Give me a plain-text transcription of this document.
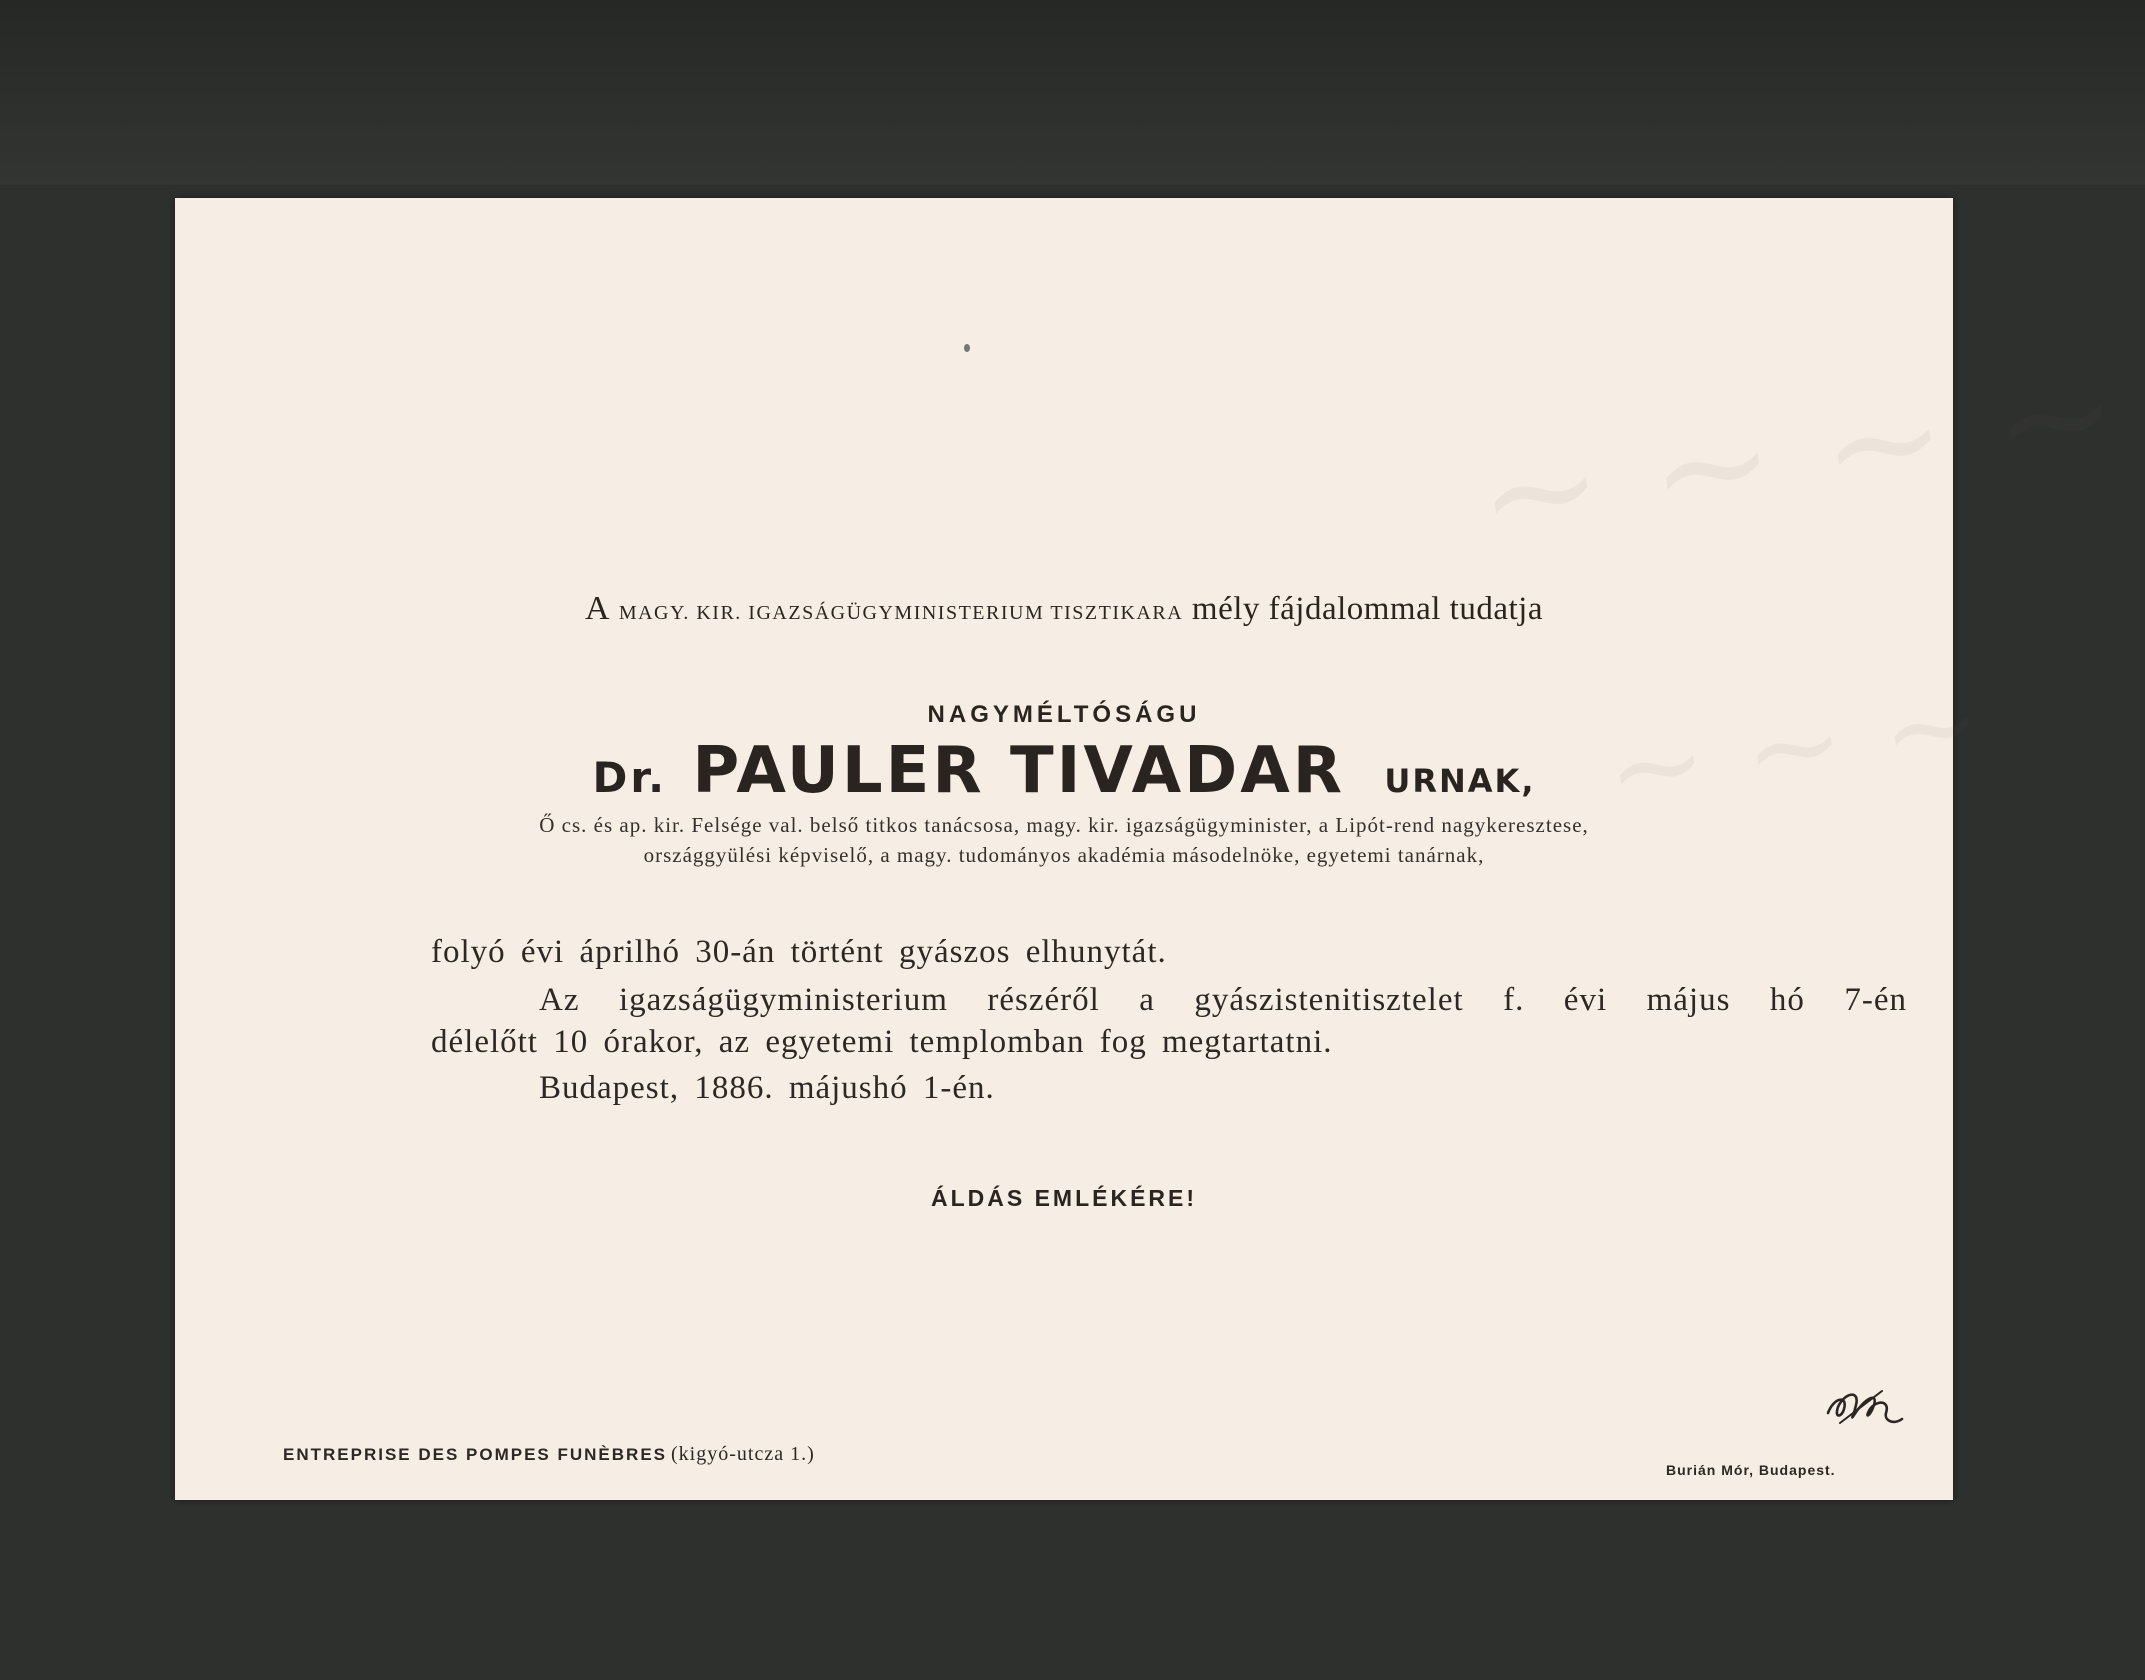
~ ~ ~ ~
~ ~ ~
A MAGY. KIR. IGAZSÁGÜGYMINISTERIUM TISZTIKARA mély fájdalommal tudatja
NAGYMÉLTÓSÁGU
Dr. PAULER TIVADAR URNAK,
Ő cs. és ap. kir. Felsége val. belső titkos tanácsosa, magy. kir. igazságügyminister, a Lipót-rend nagykeresztese,
országgyülési képviselő, a magy. tudományos akadémia másodelnöke, egyetemi tanárnak,
folyó évi áprilhó 30-án történt gyászos elhunytát.
Az igazságügyministerium részéről a gyászistenitisztelet f. évi május hó 7-én
délelőtt 10 órakor, az egyetemi templomban fog megtartatni.
Budapest, 1886. májushó 1-én.
ÁLDÁS EMLÉKÉRE!
ENTREPRISE DES POMPES FUNÈBRES (kigyó-utcza 1.)
Burián Mór, Budapest.
